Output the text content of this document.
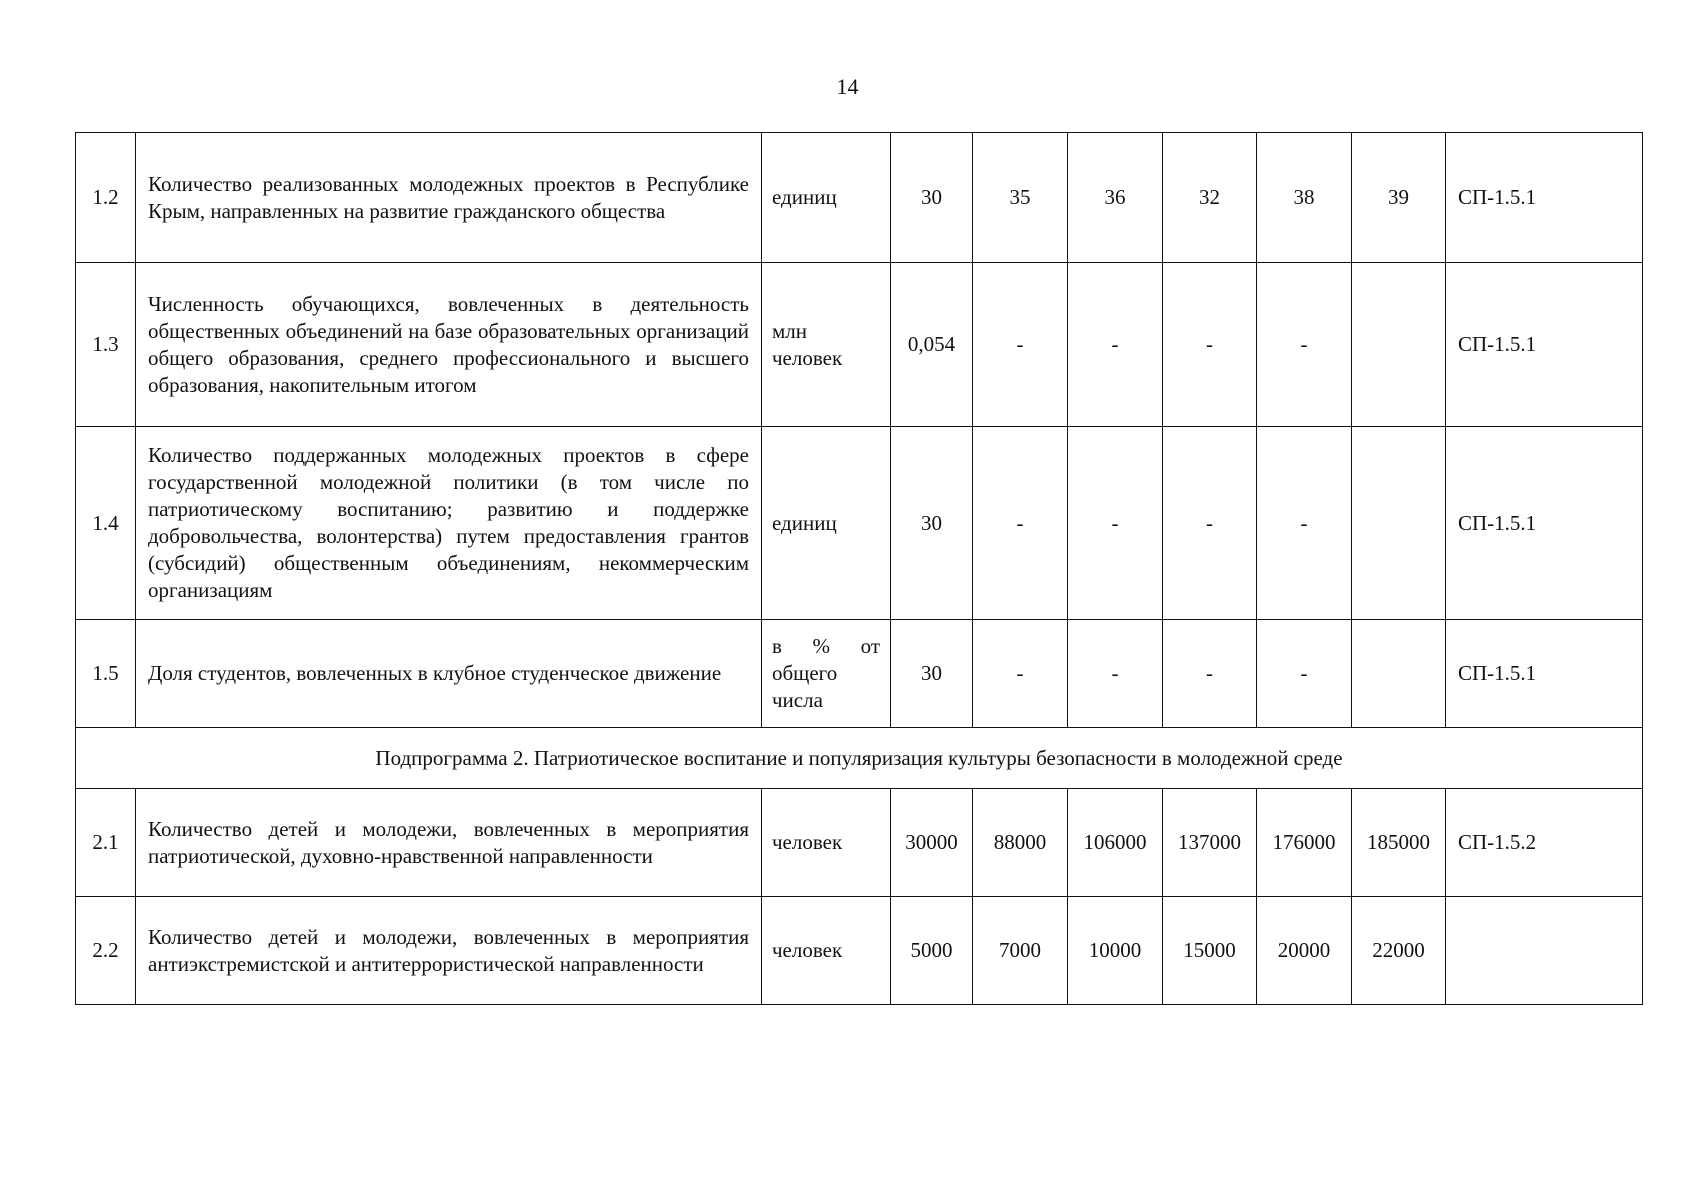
14
1.2	Количество реализованных молодежных проектов в Республике Крым, направленных на развитие гражданского общества	единиц	30	35	36	32	38	39	СП-1.5.1
1.3	Численность обучающихся, вовлеченных в деятельность общественных объединений на базе образовательных организаций общего образования, среднего профессионального и высшего образования, накопительным итогом	млн человек	0,054	-	-	-	-		СП-1.5.1
1.4	Количество поддержанных молодежных проектов в сфере государственной молодежной политики (в том числе по патриотическому воспитанию; развитию и поддержке добровольчества, волонтерства) путем предоставления грантов (субсидий) общественным объединениям, некоммерческим организациям	единиц	30	-	-	-	-		СП-1.5.1
1.5	Доля студентов, вовлеченных в клубное студенческое движение	в % от общего числа	30	-	-	-	-		СП-1.5.1
Подпрограмма 2. Патриотическое воспитание и популяризация культуры безопасности в молодежной среде									
2.1	Количество детей и молодежи, вовлеченных в мероприятия патриотической, духовно-нравственной направленности	человек	30000	88000	106000	137000	176000	185000	СП-1.5.2
2.2	Количество детей и молодежи, вовлеченных в мероприятия антиэкстремистской и антитеррористической направленности	человек	5000	7000	10000	15000	20000	22000	
